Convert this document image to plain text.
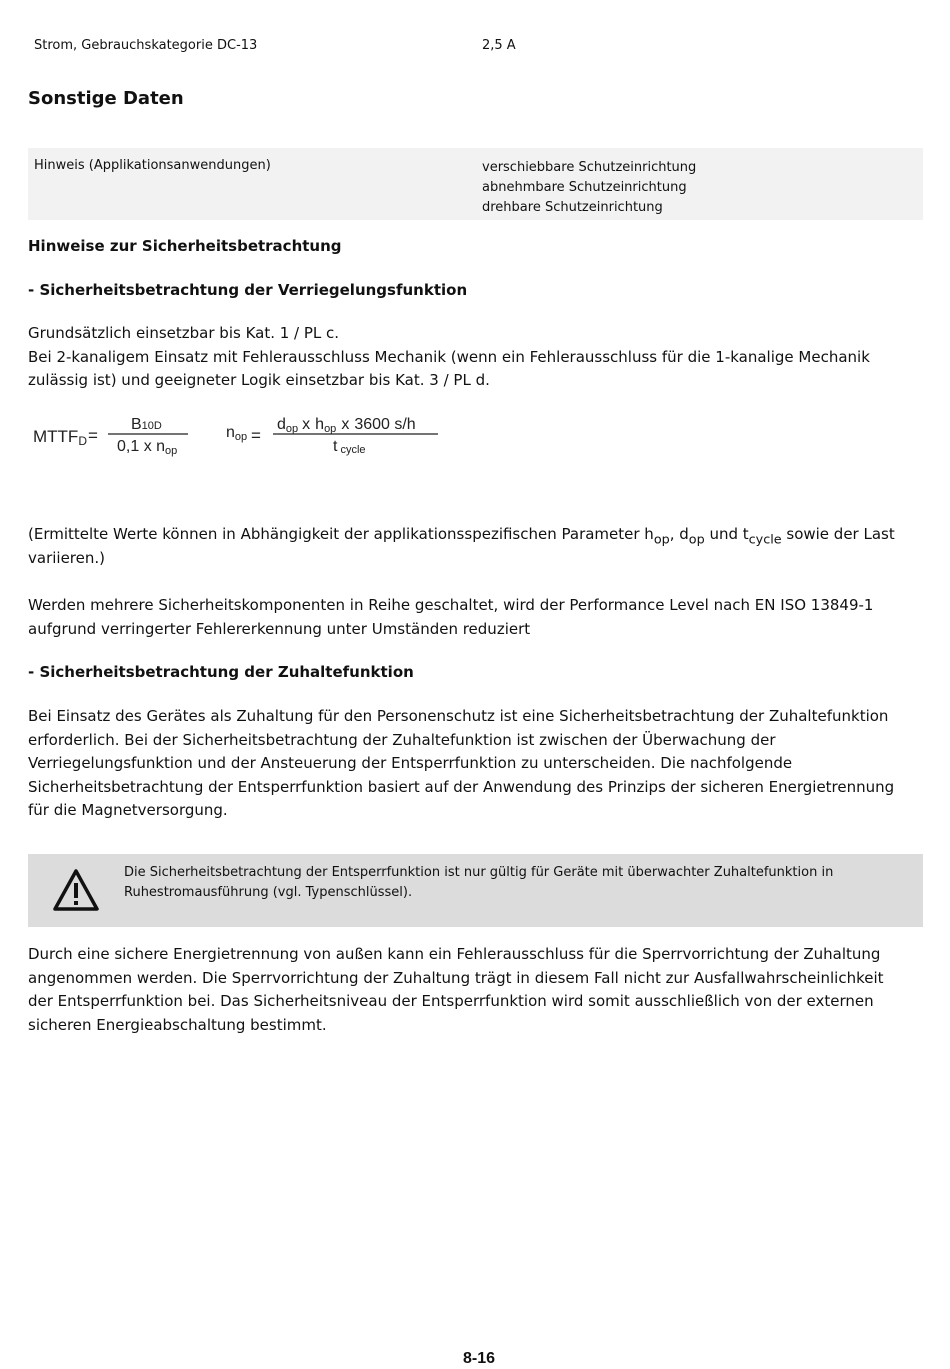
Strom, Gebrauchskategorie DC-13	2,5 A
Sonstige Daten
Hinweis (Applikationsanwendungen)	verschiebbare Schutzeinrichtung
abnehmbare Schutzeinrichtung
drehbare Schutzeinrichtung

Hinweise zur Sicherheitsbetrachtung

- Sicherheitsbetrachtung der Verriegelungsfunktion

Grundsätzlich einsetzbar bis Kat. 1 / PL c.
Bei 2-kanaligem Einsatz mit Fehlerausschluss Mechanik (wenn ein Fehlerausschluss für die 1-kanalige Mechanik
zulässig ist) und geeigneter Logik einsetzbar bis Kat. 3 / PL d.
MTTFD =
B10D
0,1 x nop
nop =
dop x hop x 3600 s/h
t cycle
(Ermittelte Werte können in Abhängigkeit der applikationsspezifischen Parameter $h_{op}$, $d_{op}$ und $t_{cycle}$ sowie der Last
variieren.)
Werden mehrere Sicherheitskomponenten in Reihe geschaltet, wird der Performance Level nach EN ISO 13849-1
aufgrund verringerter Fehlererkennung unter Umständen reduziert

- Sicherheitsbetrachtung der Zuhaltefunktion

Bei Einsatz des Gerätes als Zuhaltung für den Personenschutz ist eine Sicherheitsbetrachtung der Zuhaltefunktion
erforderlich. Bei der Sicherheitsbetrachtung der Zuhaltefunktion ist zwischen der Überwachung der
Verriegelungsfunktion und der Ansteuerung der Entsperrfunktion zu unterscheiden. Die nachfolgende
Sicherheitsbetrachtung der Entsperrfunktion basiert auf der Anwendung des Prinzips der sicheren Energietrennung
für die Magnetversorgung.
Die Sicherheitsbetrachtung der Entsperrfunktion ist nur gültig für Geräte mit überwachter Zuhaltefunktion in
Ruhestromausführung (vgl. Typenschlüssel).
Durch eine sichere Energietrennung von außen kann ein Fehlerausschluss für die Sperrvorrichtung der Zuhaltung
angenommen werden. Die Sperrvorrichtung der Zuhaltung trägt in diesem Fall nicht zur Ausfallwahrscheinlichkeit
der Entsperrfunktion bei. Das Sicherheitsniveau der Entsperrfunktion wird somit ausschließlich von der externen
sicheren Energieabschaltung bestimmt.
8-16
